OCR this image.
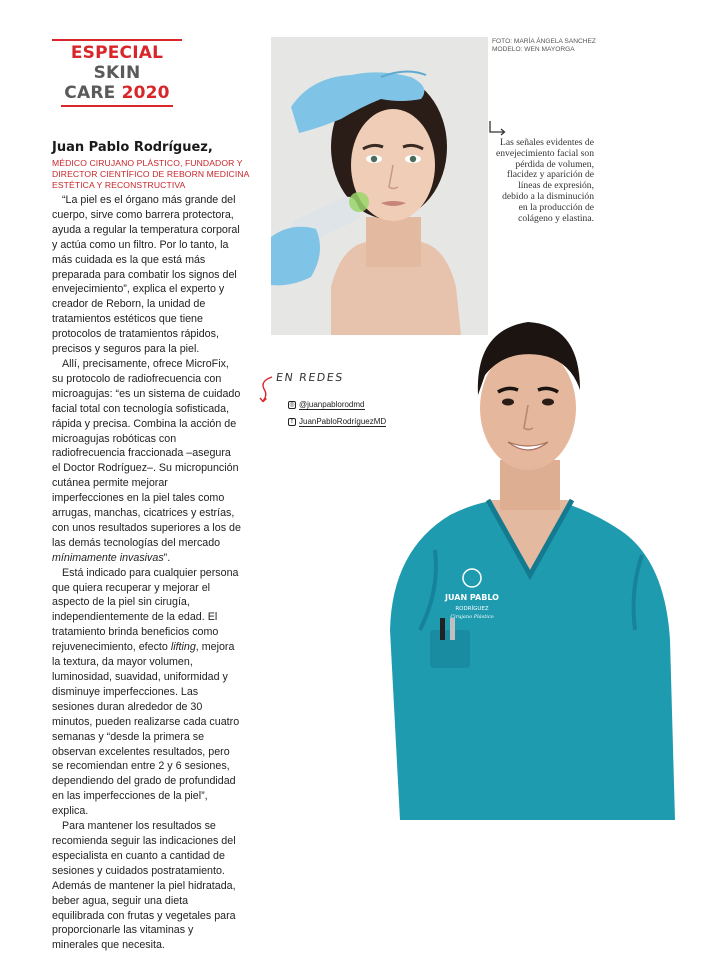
ESPECIAL SKIN
CARE 2020
Juan Pablo Rodríguez,
MÉDICO CIRUJANO PLÁSTICO, FUNDADOR Y DIRECTOR CIENTÍFICO DE REBORN MEDICINA ESTÉTICA Y RECONSTRUCTIVA

“La piel es el órgano más grande del cuerpo, sirve como barrera protectora, ayuda a regular la temperatura corporal y actúa como un filtro. Por lo tanto, la más cuidada es la que está más preparada para combatir los signos del envejecimiento”, explica el experto y creador de Reborn, la unidad de tratamientos estéticos que tiene protocolos de tratamientos rápidos, precisos y seguros para la piel.

Allí, precisamente, ofrece MicroFix, su protocolo de radiofrecuencia con microagujas: “es un sistema de cuidado facial total con tecnología sofisticada, rápida y precisa. Combina la acción de microagujas robóticas con radiofrecuencia fraccionada –asegura el Doctor Rodríguez–. Su micropunción cutánea permite mejorar imperfecciones en la piel tales como arrugas, manchas, cicatrices y estrías, con unos resultados superiores a los de las demás tecnologías del mercado mínimamente invasivas”.

Está indicado para cualquier persona que quiera recuperar y mejorar el aspecto de la piel sin cirugía, independientemente de la edad. El tratamiento brinda beneficios como rejuvenecimiento, efecto lifting, mejora la textura, da mayor volumen, luminosidad, suavidad, uniformidad y disminuye imperfecciones. Las sesiones duran alrededor de 30 minutos, pueden realizarse cada cuatro semanas y “desde la primera se observan excelentes resultados, pero se recomiendan entre 2 y 6 sesiones, dependiendo del grado de profundidad en las imperfecciones de la piel”, explica.

Para mantener los resultados se recomienda seguir las indicaciones del especialista en cuanto a cantidad de sesiones y cuidados postratamiento. Además de mantener la piel hidratada, beber agua, seguir una dieta equilibrada con frutas y vegetales para proporcionarle las vitaminas y minerales que necesita.

FOTO: MARÍA ÁNGELA SANCHEZ
MODELO: WEN MAYORGA
Las señales evidentes de envejecimiento facial son pérdida de volumen, flacidez y aparición de líneas de expresión, debido a la disminución en la producción de colágeno y elastina.
EN REDES
◎ @juanpablorodmd
f JuanPabloRodríguezMD
JUAN PABLO
RODRÍGUEZ
Cirujano Plástico
